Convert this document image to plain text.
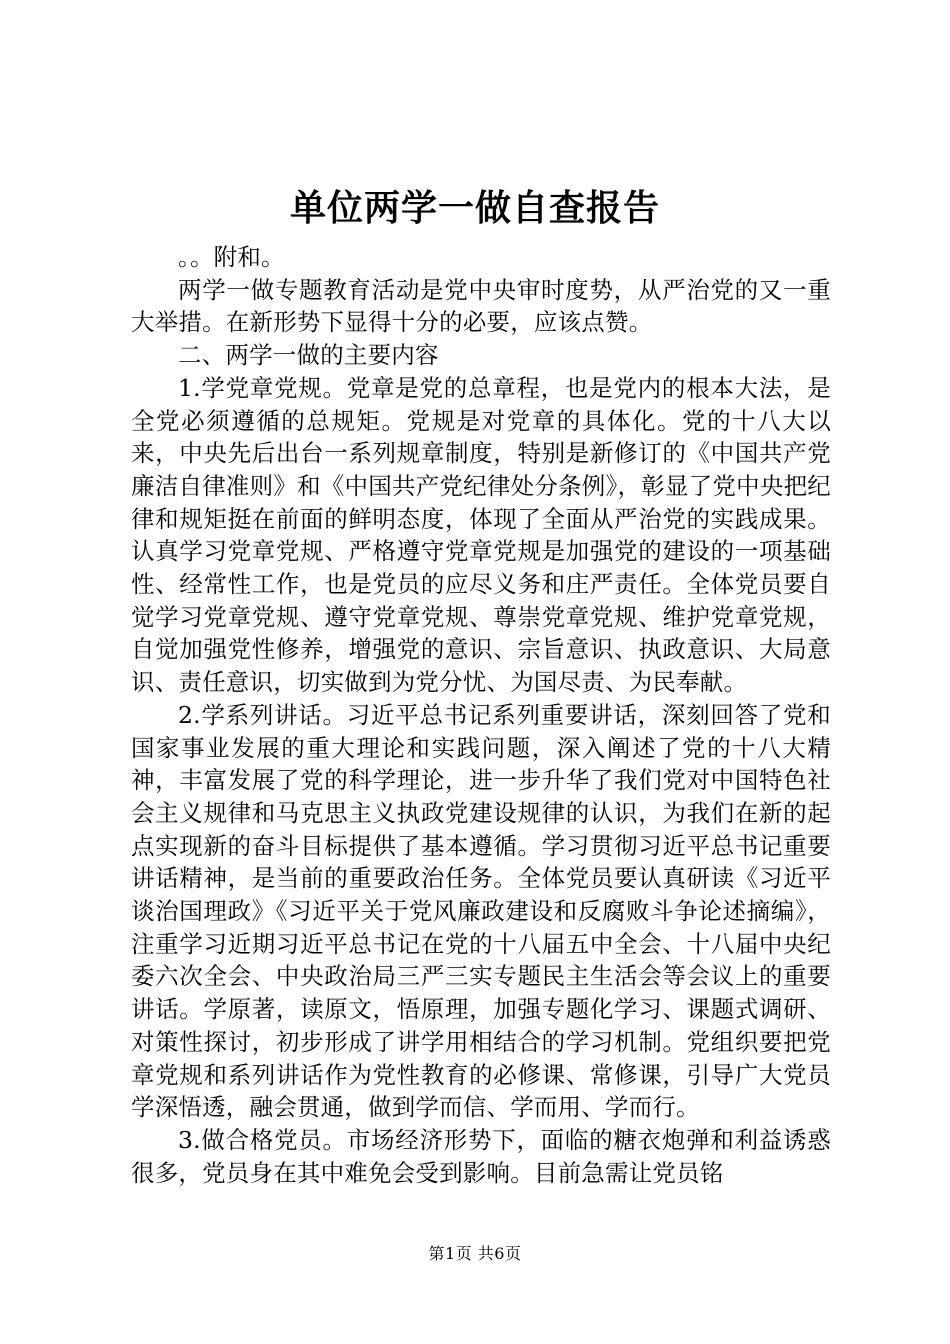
单位两学一做自查报告

。。附和。

两学一做专题教育活动是党中央审时度势，从严治党的又一重大举措。在新形势下显得十分的必要，应该点赞。

二、两学一做的主要内容

1.学党章党规。党章是党的总章程，也是党内的根本大法，是全党必须遵循的总规矩。党规是对党章的具体化。党的十八大以来，中央先后出台一系列规章制度，特别是新修订的《中国共产党廉洁自律准则》和《中国共产党纪律处分条例》，彰显了党中央把纪律和规矩挺在前面的鲜明态度，体现了全面从严治党的实践成果。认真学习党章党规、严格遵守党章党规是加强党的建设的一项基础性、经常性工作，也是党员的应尽义务和庄严责任。全体党员要自觉学习党章党规、遵守党章党规、尊崇党章党规、维护党章党规，自觉加强党性修养，增强党的意识、宗旨意识、执政意识、大局意识、责任意识，切实做到为党分忧、为国尽责、为民奉献。

2.学系列讲话。习近平总书记系列重要讲话，深刻回答了党和国家事业发展的重大理论和实践问题，深入阐述了党的十八大精神，丰富发展了党的科学理论，进一步升华了我们党对中国特色社会主义规律和马克思主义执政党建设规律的认识，为我们在新的起点实现新的奋斗目标提供了基本遵循。学习贯彻习近平总书记重要讲话精神，是当前的重要政治任务。全体党员要认真研读《习近平谈治国理政》《习近平关于党风廉政建设和反腐败斗争论述摘编》，注重学习近期习近平总书记在党的十八届五中全会、十八届中央纪委六次全会、中央政治局三严三实专题民主生活会等会议上的重要讲话。学原著，读原文，悟原理，加强专题化学习、课题式调研、对策性探讨，初步形成了讲学用相结合的学习机制。党组织要把党章党规和系列讲话作为党性教育的必修课、常修课，引导广大党员学深悟透，融会贯通，做到学而信、学而用、学而行。

3.做合格党员。市场经济形势下，面临的糖衣炮弹和利益诱惑很多，党员身在其中难免会受到影响。目前急需让党员铭

第1页 共6页
